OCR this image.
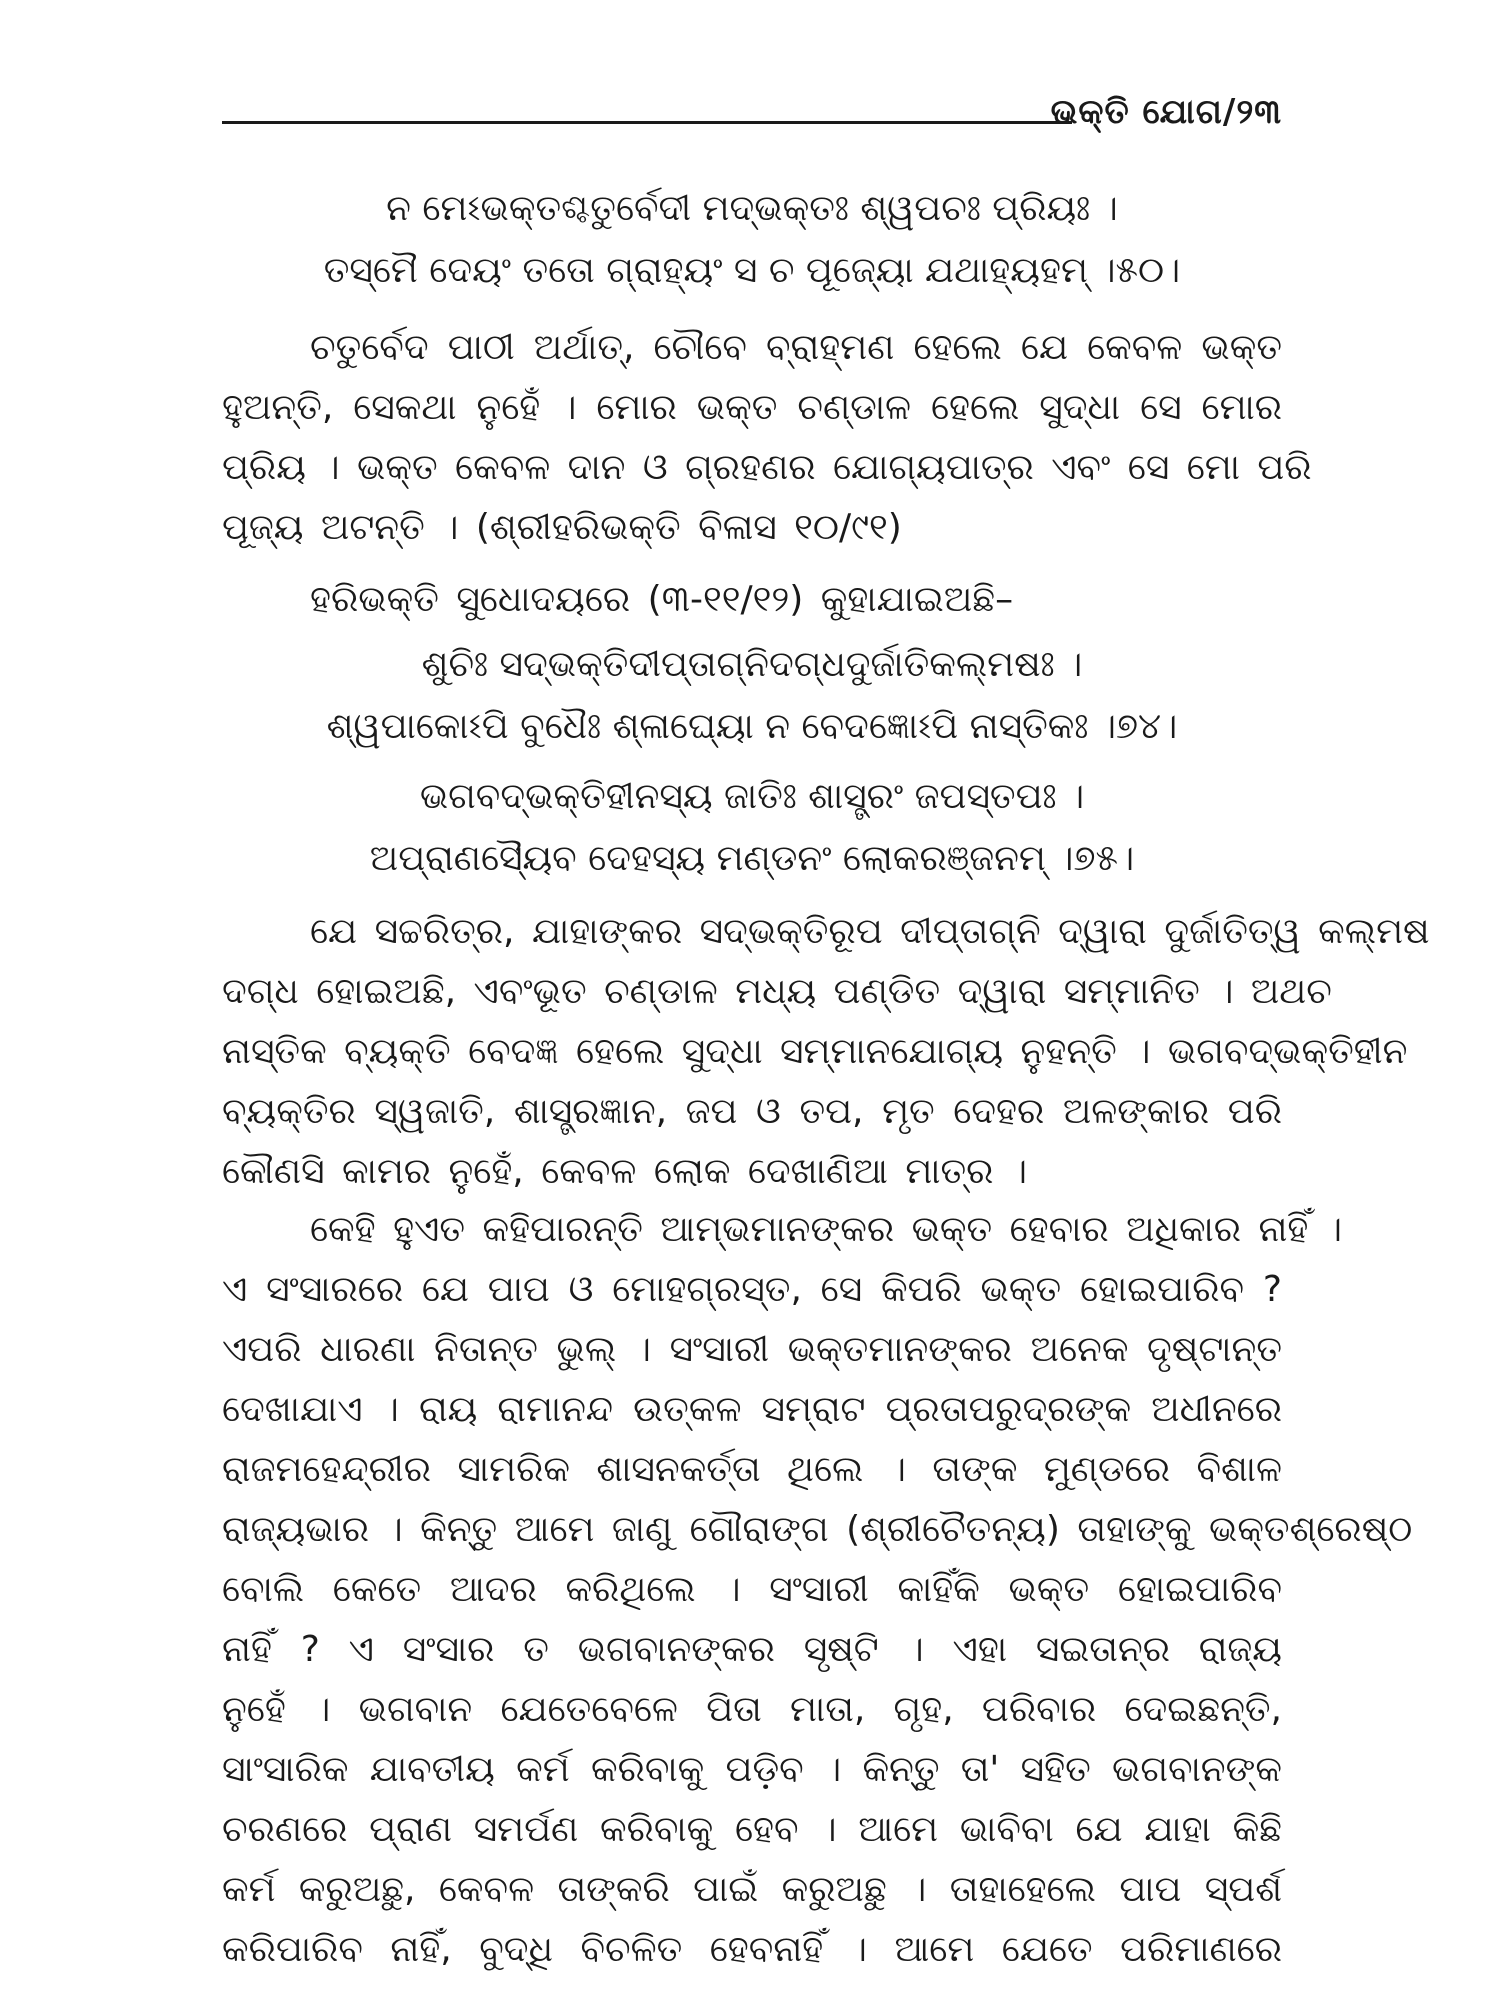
ଭକ୍ତି ଯୋଗ/୨୩
ନ ମେଽଭକ୍ତଶ୍ଚତୁର୍ବେଦୀ ମଦ୍ଭକ୍ତଃ ଶ୍ୱପଚଃ ପ୍ରିୟଃ ।
ତସ୍ମୈ ଦେୟଂ ତତୋ ଗ୍ରାହ୍ୟଂ ସ ଚ ପୂଜ୍ୟୋ ଯଥାହ୍ୟହମ୍ ।୫୦।
ଚତୁର୍ବେଦ ପାଠୀ ଅର୍ଥାତ୍, ଚୌବେ ବ୍ରାହ୍ମଣ ହେଲେ ଯେ କେବଳ ଭକ୍ତ
ହୁଅନ୍ତି, ସେକଥା ନୁହେଁ । ମୋର ଭକ୍ତ ଚଣ୍ଡାଳ ହେଲେ ସୁଦ୍ଧା ସେ ମୋର
ପ୍ରିୟ । ଭକ୍ତ କେବଳ ଦାନ ଓ ଗ୍ରହଣର ଯୋଗ୍ୟପାତ୍ର ଏବଂ ସେ ମୋ ପରି
ପୂଜ୍ୟ ଅଟନ୍ତି । (ଶ୍ରୀହରିଭକ୍ତି ବିଳାସ ୧୦/୯୧)
ହରିଭକ୍ତି ସୁଧୋଦୟରେ (୩-୧୧/୧୨) କୁହାଯାଇଅଛି–
ଶୁଚିଃ ସଦ୍ଭକ୍ତିଦୀପ୍ତାଗ୍ନିଦଗ୍ଧଦୁର୍ଜାତିକଲ୍ମଷଃ ।
ଶ୍ୱପାକୋଽପି ବୁଧୈଃ ଶ୍ଳାଘ୍ୟୋ ନ ବେଦଜ୍ଞୋଽପି ନାସ୍ତିକଃ ।୭୪।
ଭଗବଦ୍ଭକ୍ତିହୀନସ୍ୟ ଜାତିଃ ଶାସ୍ତ୍ରଂ ଜପସ୍ତପଃ ।
ଅପ୍ରାଣସ୍ୟୈବ ଦେହସ୍ୟ ମଣ୍ଡନଂ ଲୋକରଞ୍ଜନମ୍ ।୭୫।
ଯେ ସଚ୍ଚରିତ୍ର, ଯାହାଙ୍କର ସଦ୍ଭକ୍ତିରୂପ ଦୀପ୍ତାଗ୍ନି ଦ୍ୱାରା ଦୁର୍ଜାତିତ୍ୱ କଲ୍ମଷ
ଦଗ୍ଧ ହୋଇଅଛି, ଏବଂଭୂତ ଚଣ୍ଡାଳ ମଧ୍ୟ ପଣ୍ଡିତ ଦ୍ୱାରା ସମ୍ମାନିତ । ଅଥଚ
ନାସ୍ତିକ ବ୍ୟକ୍ତି ବେଦଜ୍ଞ ହେଲେ ସୁଦ୍ଧା ସମ୍ମାନଯୋଗ୍ୟ ନୁହନ୍ତି । ଭଗବଦ୍ଭକ୍ତିହୀନ
ବ୍ୟକ୍ତିର ସ୍ୱଜାତି, ଶାସ୍ତ୍ରଜ୍ଞାନ, ଜପ ଓ ତପ, ମୃତ ଦେହର ଅଳଙ୍କାର ପରି
କୌଣସି କାମର ନୁହେଁ, କେବଳ ଲୋକ ଦେଖାଣିଆ ମାତ୍ର ।
କେହି ହୁଏତ କହିପାରନ୍ତି ଆମ୍ଭମାନଙ୍କର ଭକ୍ତ ହେବାର ଅଧିକାର ନାହିଁ ।
ଏ ସଂସାରରେ ଯେ ପାପ ଓ ମୋହଗ୍ରସ୍ତ, ସେ କିପରି ଭକ୍ତ ହୋଇପାରିବ ?
ଏପରି ଧାରଣା ନିତାନ୍ତ ଭୁଲ୍ । ସଂସାରୀ ଭକ୍ତମାନଙ୍କର ଅନେକ ଦୃଷ୍ଟାନ୍ତ
ଦେଖାଯାଏ । ରାୟ ରାମାନନ୍ଦ ଉତ୍କଳ ସମ୍ରାଟ ପ୍ରତାପରୁଦ୍ରଙ୍କ ଅଧୀନରେ
ରାଜମହେନ୍ଦ୍ରୀର ସାମରିକ ଶାସନକର୍ତ୍ତା ଥିଲେ । ତାଙ୍କ ମୁଣ୍ଡରେ ବିଶାଳ
ରାଜ୍ୟଭାର । କିନ୍ତୁ ଆମେ ଜାଣୁ ଗୌରାଙ୍ଗ (ଶ୍ରୀଚୈତନ୍ୟ) ତାହାଙ୍କୁ ଭକ୍ତଶ୍ରେଷ୍ଠ
ବୋଲି କେତେ ଆଦର କରିଥିଲେ । ସଂସାରୀ କାହିଁକି ଭକ୍ତ ହୋଇପାରିବ
ନାହିଁ ? ଏ ସଂସାର ତ ଭଗବାନଙ୍କର ସୃଷ୍ଟି । ଏହା ସଇତାନ୍‌ର ରାଜ୍ୟ
ନୁହେଁ । ଭଗବାନ ଯେତେବେଳେ ପିତା ମାତା, ଗୃହ, ପରିବାର ଦେଇଛନ୍ତି,
ସାଂସାରିକ ଯାବତୀୟ କର୍ମ କରିବାକୁ ପଡ଼ିବ । କିନ୍ତୁ ତା' ସହିତ ଭଗବାନଙ୍କ
ଚରଣରେ ପ୍ରାଣ ସମର୍ପଣ କରିବାକୁ ହେବ । ଆମେ ଭାବିବା ଯେ ଯାହା କିଛି
କର୍ମ କରୁଅଛୁ, କେବଳ ତାଙ୍କରି ପାଇଁ କରୁଅଛୁ । ତାହାହେଲେ ପାପ ସ୍ପର୍ଶ
କରିପାରିବ ନାହିଁ, ବୁଦ୍ଧି ବିଚଳିତ ହେବନାହିଁ । ଆମେ ଯେତେ ପରିମାଣରେ
